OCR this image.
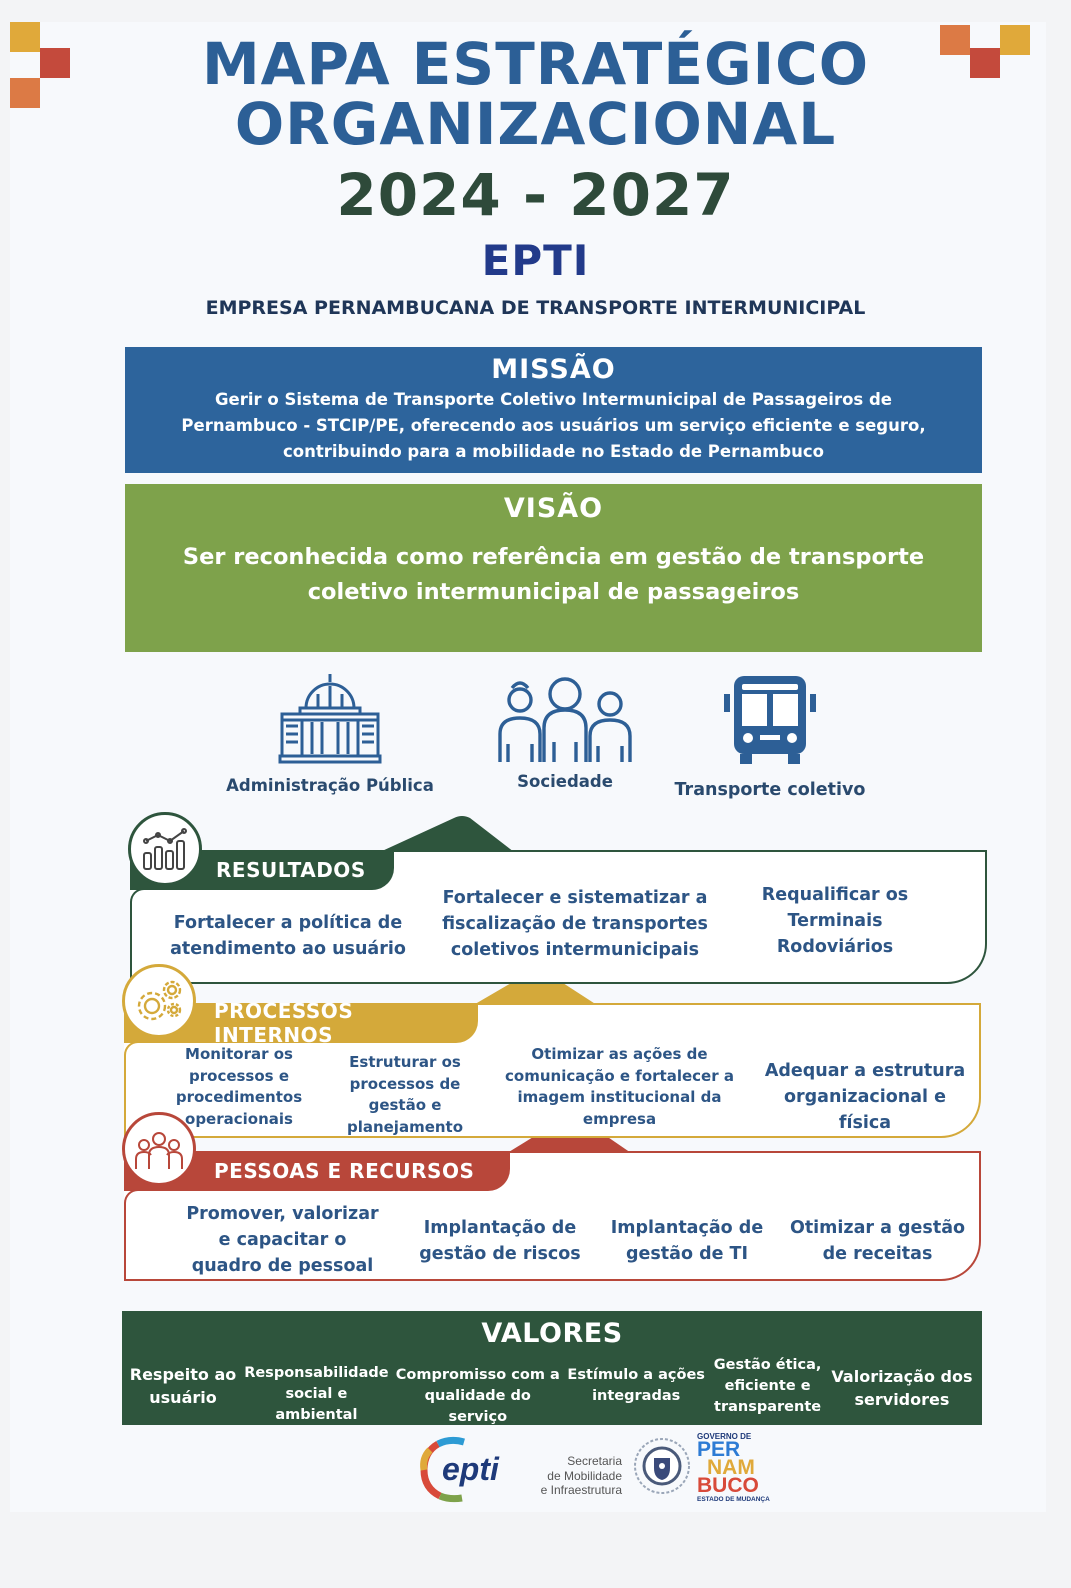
MAPA ESTRATÉGICO
ORGANIZACIONAL
2024 - 2027
EPTI
EMPRESA PERNAMBUCANA DE TRANSPORTE INTERMUNICIPAL
MISSÃO

Gerir o Sistema de Transporte Coletivo Intermunicipal de Passageiros de Pernambuco - STCIP/PE, oferecendo aos usuários um serviço eficiente e seguro, contribuindo para a mobilidade no Estado de Pernambuco

VISÃO

Ser reconhecida como referência em gestão de transporte coletivo intermunicipal de passageiros

Administração Pública	Sociedade	Transporte coletivo
RESULTADOS
Fortalecer a política de atendimento ao usuário
Fortalecer e sistematizar a fiscalização de transportes coletivos intermunicipais
Requalificar os Terminais Rodoviários
PROCESSOS INTERNOS
Monitorar os processos e procedimentos operacionais
Estruturar os processos de gestão e planejamento
Otimizar as ações de comunicação e fortalecer a imagem institucional da empresa
Adequar a estrutura organizacional e física
PESSOAS E RECURSOS
Promover, valorizar e capacitar o quadro de pessoal
Implantação de gestão de riscos
Implantação de gestão de TI
Otimizar a gestão de receitas
VALORES
Respeito ao usuário
Responsabilidade social e ambiental
Compromisso com a qualidade do serviço
Estímulo a ações integradas
Gestão ética, eficiente e transparente
Valorização dos servidores
epti	Secretaria
de Mobilidade
e Infraestrutura
GOVERNO DE
PER
NAM
BUCO
ESTADO DE MUDANÇA
